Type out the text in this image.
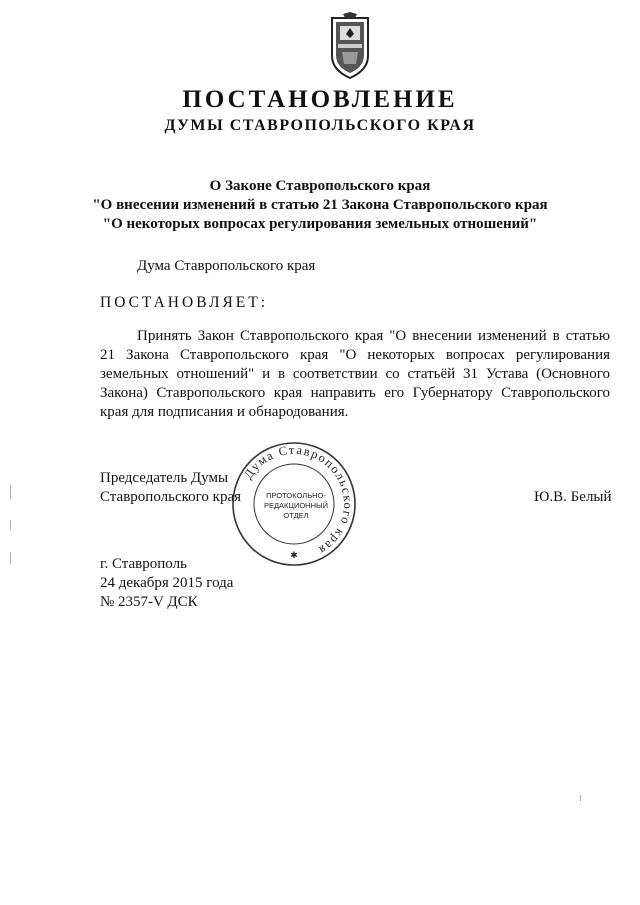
ПОСТАНОВЛЕНИЕ
ДУМЫ СТАВРОПОЛЬСКОГО КРАЯ
О Законе Ставропольского края
"О внесении изменений в статью 21 Закона Ставропольского края
"О некоторых вопросах регулирования земельных отношений"
Дума Ставропольского края
ПОСТАНОВЛЯЕТ:

Принять Закон Ставропольского края "О внесении изменений в статью 21 Закона Ставропольского края "О некоторых вопросах регулирования земельных отношений" и в соответствии со статьёй 31 Устава (Основного Закона) Ставропольского края направить его Губернатору Ставропольского края для подписания и обнародования.

Председатель Думы
Ставропольского края	Ю.В. Белый
Дума Ставропольского края
ПРОТОКОЛЬНО-
РЕДАКЦИОННЫЙ
ОТДЕЛ
✱
г. Ставрополь
24 декабря 2015 года
№ 2357-V ДСК
